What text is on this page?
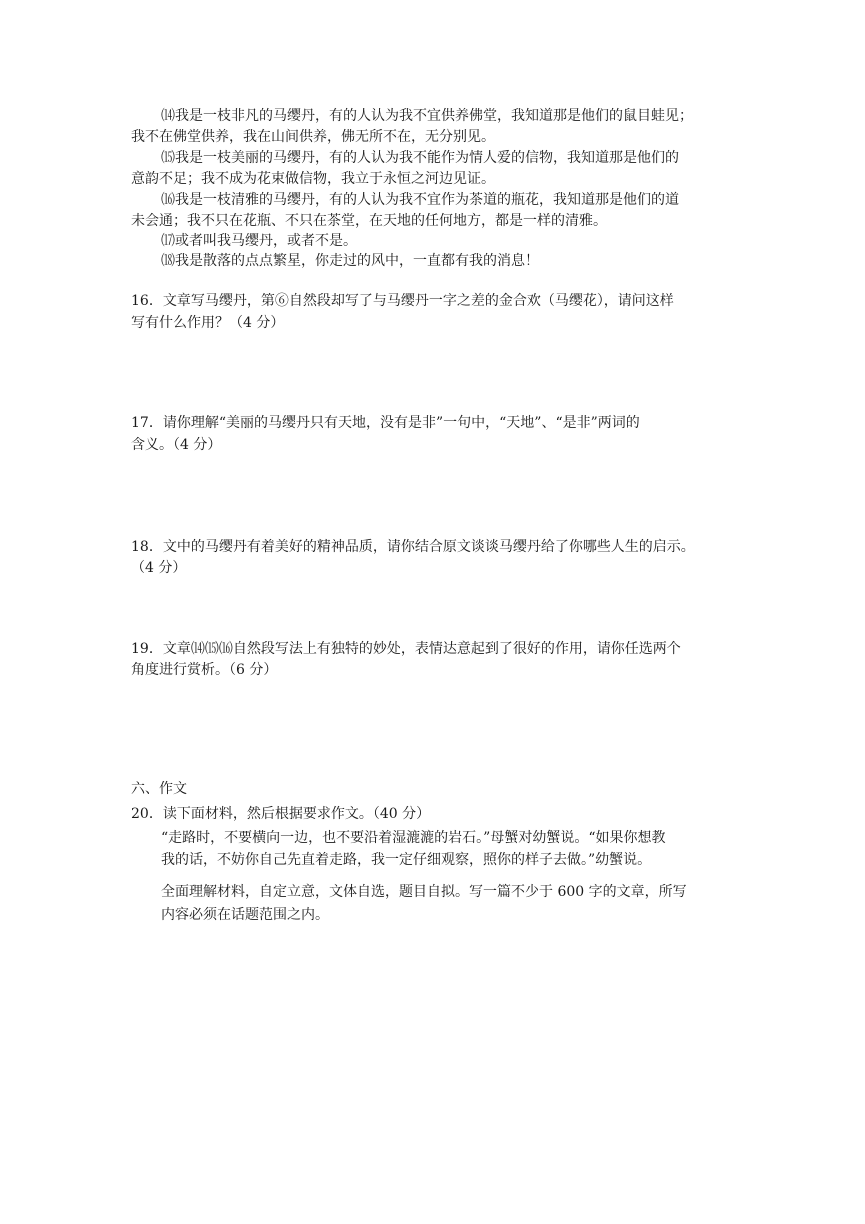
⒁我是一枝非凡的马缨丹，有的人认为我不宜供养佛堂，我知道那是他们的鼠目蛙见；
我不在佛堂供养，我在山间供养，佛无所不在，无分别见。
⒂我是一枝美丽的马缨丹，有的人认为我不能作为情人爱的信物，我知道那是他们的
意韵不足；我不成为花束做信物，我立于永恒之河边见证。
⒃我是一枝清雅的马缨丹，有的人认为我不宜作为茶道的瓶花，我知道那是他们的道
未会通；我不只在花瓶、不只在茶堂，在天地的任何地方，都是一样的清雅。
⒄或者叫我马缨丹，或者不是。
⒅我是散落的点点繁星，你走过的风中，一直都有我的消息！
16．文章写马缨丹，第⑥自然段却写了与马缨丹一字之差的金合欢（马缨花），请问这样
写有什么作用？（4 分）
17．请你理解“美丽的马缨丹只有天地，没有是非”一句中，“天地”、“是非”两词的
含义。（4 分）
18．文中的马缨丹有着美好的精神品质，请你结合原文谈谈马缨丹给了你哪些人生的启示。
（4 分）
19．文章⒁⒂⒃自然段写法上有独特的妙处，表情达意起到了很好的作用，请你任选两个
角度进行赏析。（6 分）
六、作文
20．读下面材料，然后根据要求作文。（40 分）
“走路时，不要横向一边，也不要沿着湿漉漉的岩石。”母蟹对幼蟹说。“如果你想教
我的话，不妨你自己先直着走路，我一定仔细观察，照你的样子去做。”幼蟹说。
全面理解材料，自定立意，文体自选，题目自拟。写一篇不少于 600 字的文章，所写
内容必须在话题范围之内。
